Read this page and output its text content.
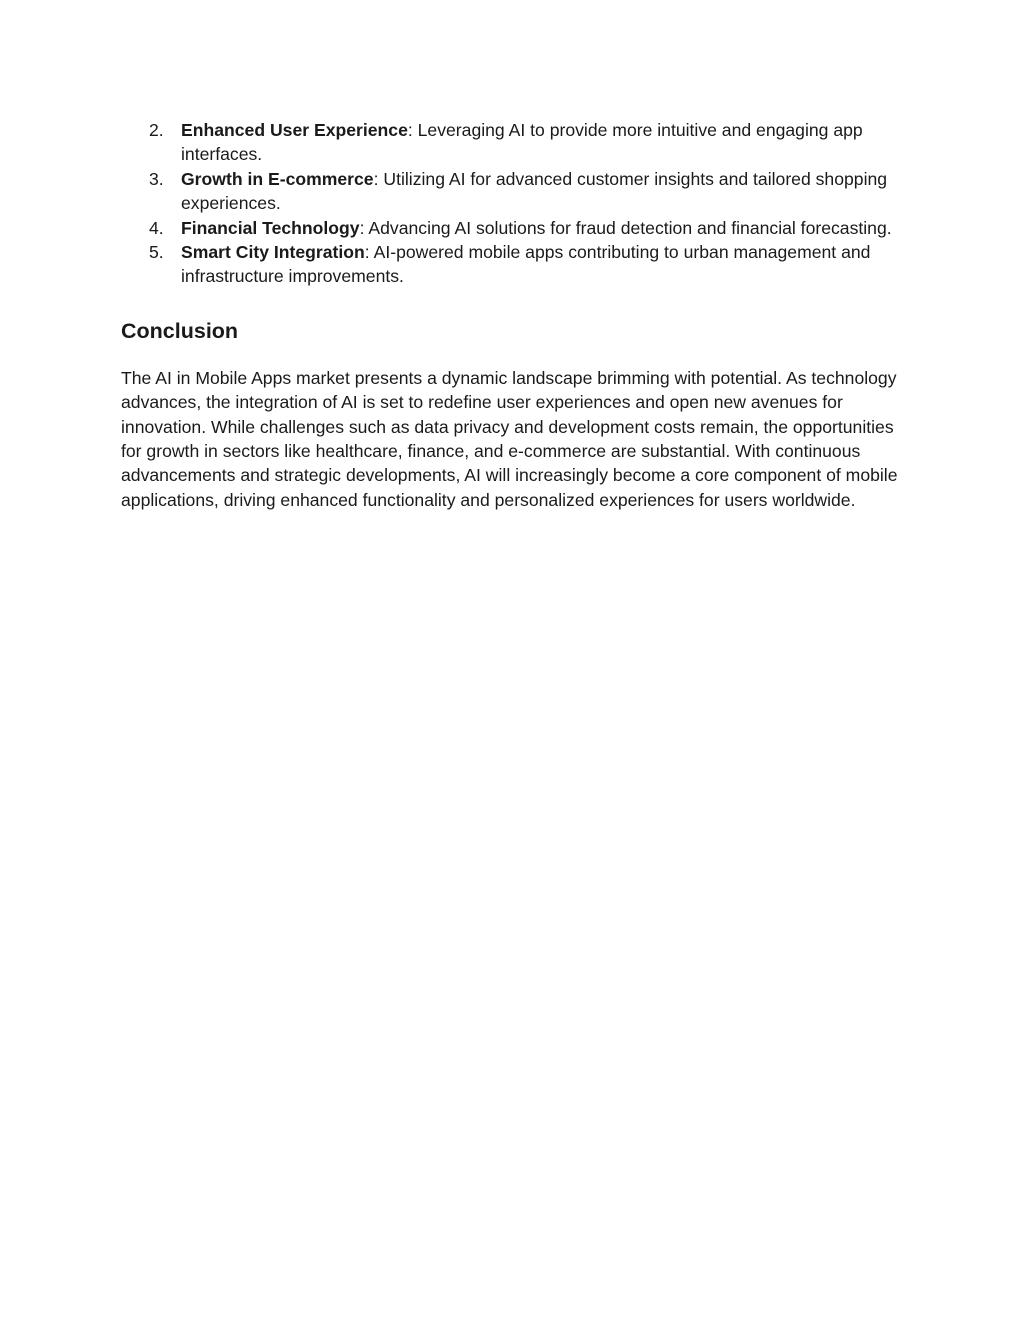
2. Enhanced User Experience: Leveraging AI to provide more intuitive and engaging app interfaces.
3. Growth in E-commerce: Utilizing AI for advanced customer insights and tailored shopping experiences.
4. Financial Technology: Advancing AI solutions for fraud detection and financial forecasting.
5. Smart City Integration: AI-powered mobile apps contributing to urban management and infrastructure improvements.
Conclusion

The AI in Mobile Apps market presents a dynamic landscape brimming with potential. As technology advances, the integration of AI is set to redefine user experiences and open new avenues for innovation. While challenges such as data privacy and development costs remain, the opportunities for growth in sectors like healthcare, finance, and e-commerce are substantial. With continuous advancements and strategic developments, AI will increasingly become a core component of mobile applications, driving enhanced functionality and personalized experiences for users worldwide.
